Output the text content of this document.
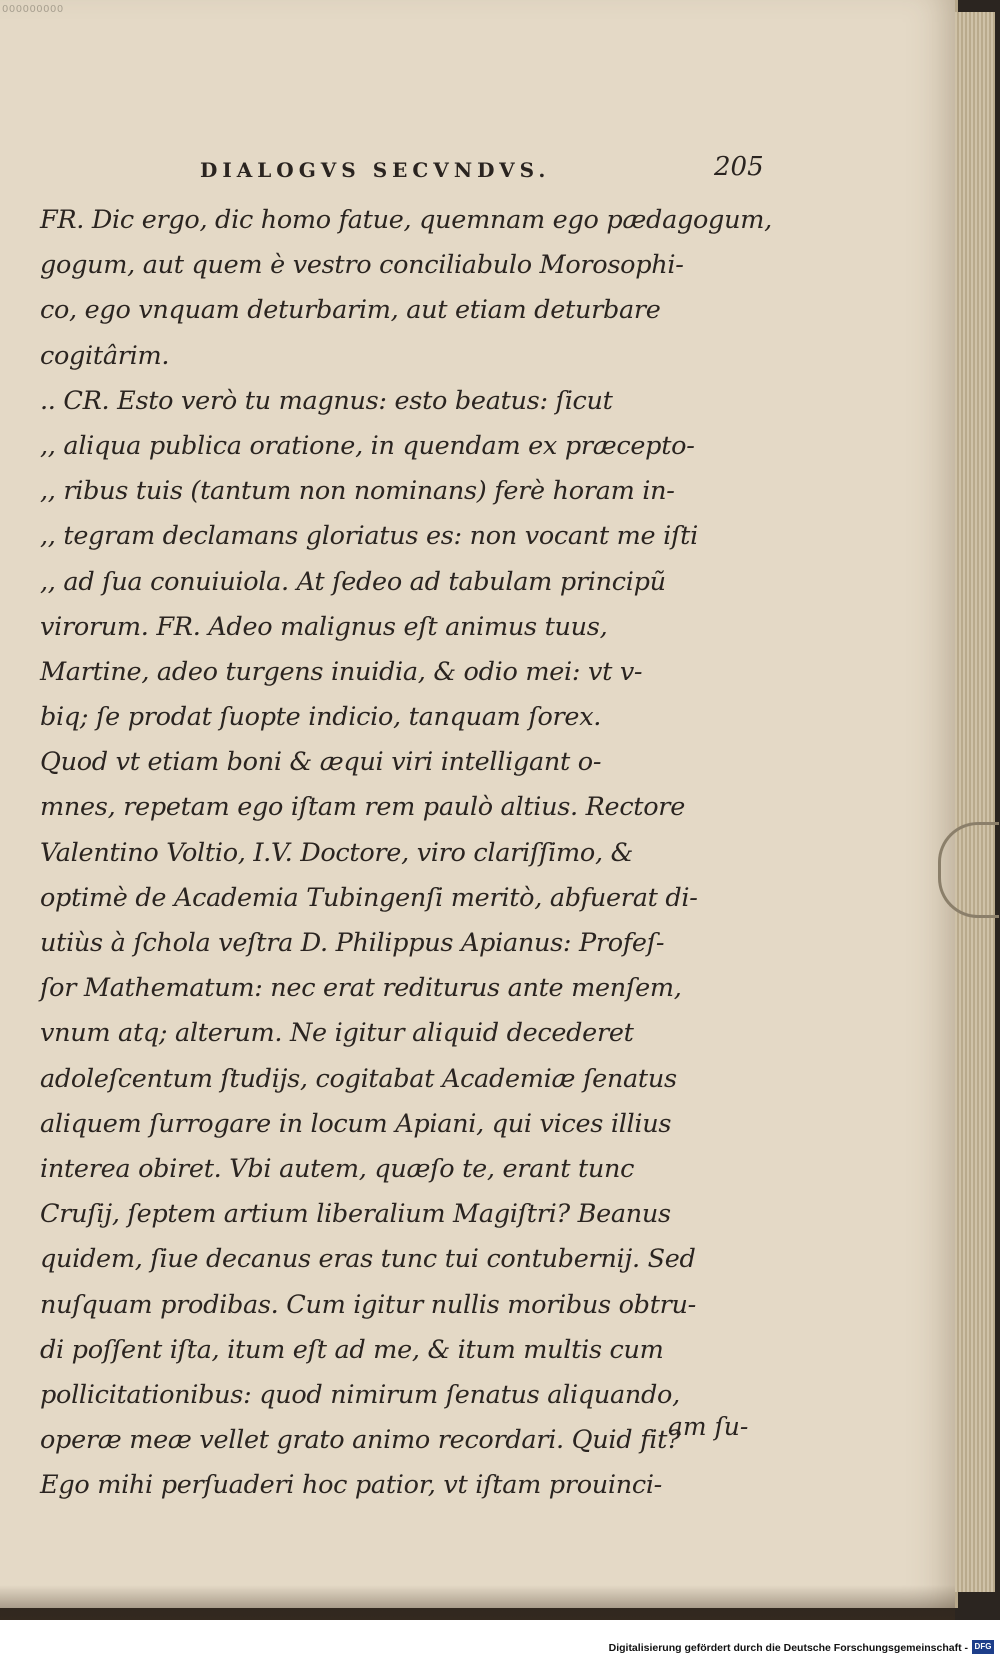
000000000
DIALOGVS SECVNDVS.	205
FR. Dic ergo, dic homo fatue, quemnam ego pædagogum,
gogum, aut quem è vestro conciliabulo Morosophi-
co, ego vnquam deturbarim, aut etiam deturbare
cogitârim.
.. CR. Esto verò tu magnus: esto beatus: ſicut
,, aliqua publica oratione, in quendam ex præcepto-
,, ribus tuis (tantum non nominans) ferè horam in-
,, tegram declamans gloriatus es: non vocant me iſti
,, ad ſua conuiuiola. At ſedeo ad tabulam principũ
virorum. FR. Adeo malignus eſt animus tuus,
Martine, adeo turgens inuidia, & odio mei: vt v-
biq; ſe prodat ſuopte indicio, tanquam ſorex.
Quod vt etiam boni & æqui viri intelligant o-
mnes, repetam ego iſtam rem paulò altius. Rectore
Valentino Voltio, I.V. Doctore, viro clariſſimo, &
optimè de Academia Tubingenſi meritò, abfuerat di-
utiùs à ſchola veſtra D. Philippus Apianus: Profeſ-
ſor Mathematum: nec erat rediturus ante menſem,
vnum atq; alterum. Ne igitur aliquid decederet
adoleſcentum ſtudijs, cogitabat Academiæ ſenatus
aliquem ſurrogare in locum Apiani, qui vices illius
interea obiret. Vbi autem, quæſo te, erant tunc
Cruſij, ſeptem artium liberalium Magiſtri? Beanus
quidem, ſiue decanus eras tunc tui contubernij. Sed
nuſquam prodibas. Cum igitur nullis moribus obtru-
di poſſent iſta, itum eſt ad me, & itum multis cum
pollicitationibus: quod nimirum ſenatus aliquando,
operæ meæ vellet grato animo recordari. Quid fit?
Ego mihi perſuaderi hoc patior, vt iſtam prouinci-
am ſu-
Digitalisierung gefördert durch die Deutsche Forschungsgemeinschaft - DFG
